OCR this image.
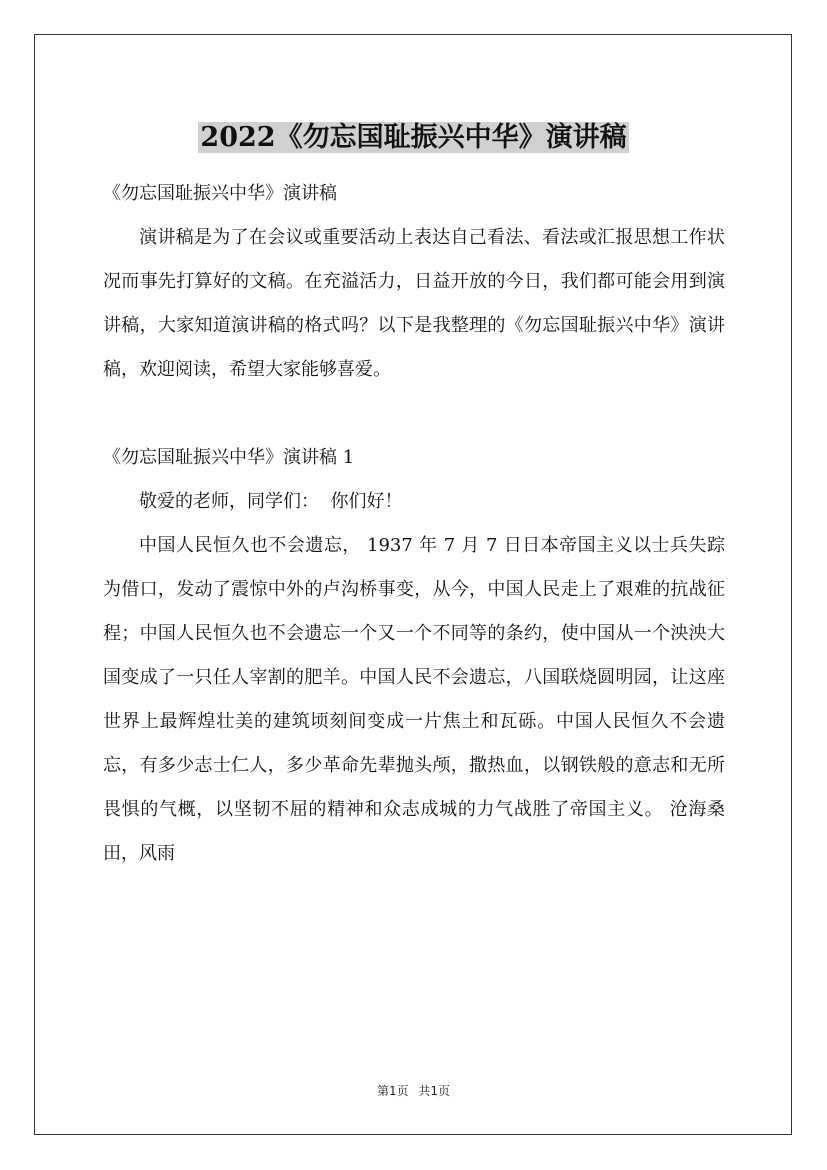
2022《勿忘国耻振兴中华》演讲稿

《勿忘国耻振兴中华》演讲稿

演讲稿是为了在会议或重要活动上表达自己看法、看法或汇报思想工作状况而事先打算好的文稿。在充溢活力，日益开放的今日，我们都可能会用到演讲稿，大家知道演讲稿的格式吗？以下是我整理的《勿忘国耻振兴中华》演讲稿，欢迎阅读，希望大家能够喜爱。

《勿忘国耻振兴中华》演讲稿 1

敬爱的老师，同学们：  你们好！

中国人民恒久也不会遗忘， 1937 年 7 月 7 日日本帝国主义以士兵失踪为借口，发动了震惊中外的卢沟桥事变，从今，中国人民走上了艰难的抗战征程；中国人民恒久也不会遗忘一个又一个不同等的条约，使中国从一个泱泱大国变成了一只任人宰割的肥羊。中国人民不会遗忘，八国联烧圆明园，让这座世界上最辉煌壮美的建筑顷刻间变成一片焦土和瓦砾。中国人民恒久不会遗忘，有多少志士仁人，多少革命先辈抛头颅，撒热血，以钢铁般的意志和无所畏惧的气概，以坚韧不屈的精神和众志成城的力气战胜了帝国主义。 沧海桑田，风雨

第1页 共1页
